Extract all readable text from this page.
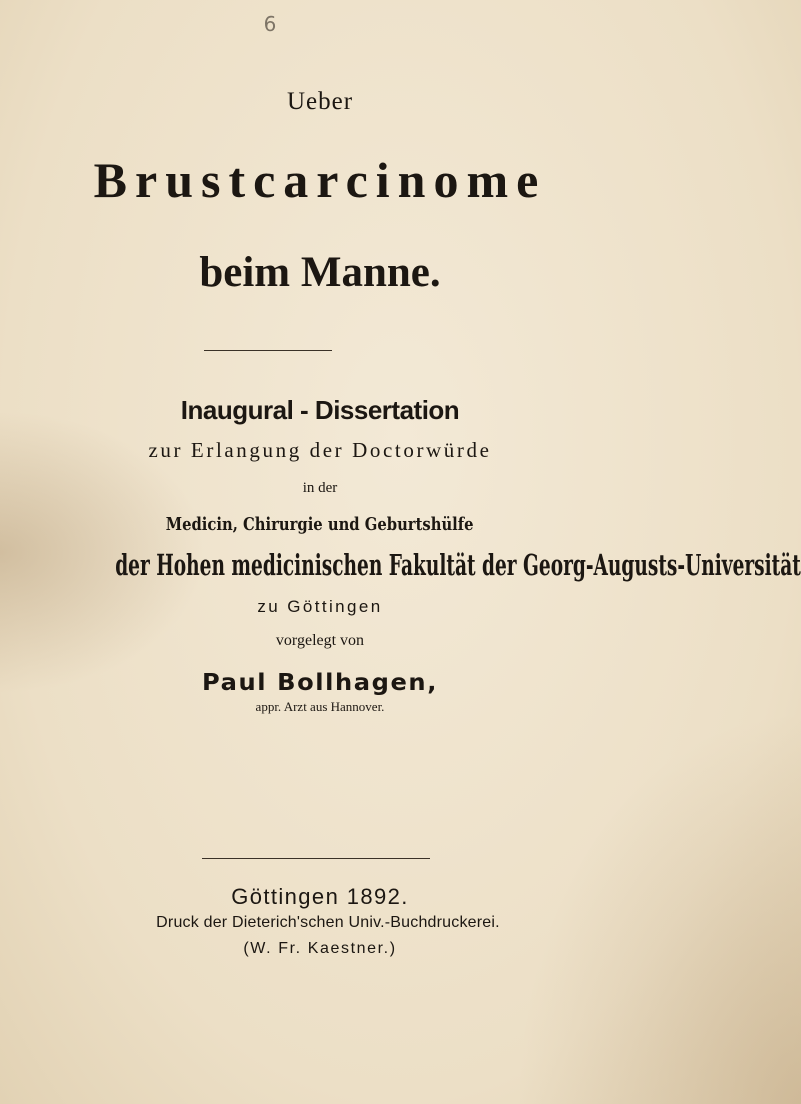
6
Ueber
Brustcarcinome
beim Manne.
Inaugural - Dissertation
zur Erlangung der Doctorwürde
in der
Medicin, Chirurgie und Geburtshülfe
der Hohen medicinischen Fakultät der Georg-Augusts-Universität
zu Göttingen
vorgelegt von
Paul Bollhagen,
appr. Arzt aus Hannover.
Göttingen 1892.
Druck der Dieterich'schen Univ.-Buchdruckerei.
(W. Fr. Kaestner.)
